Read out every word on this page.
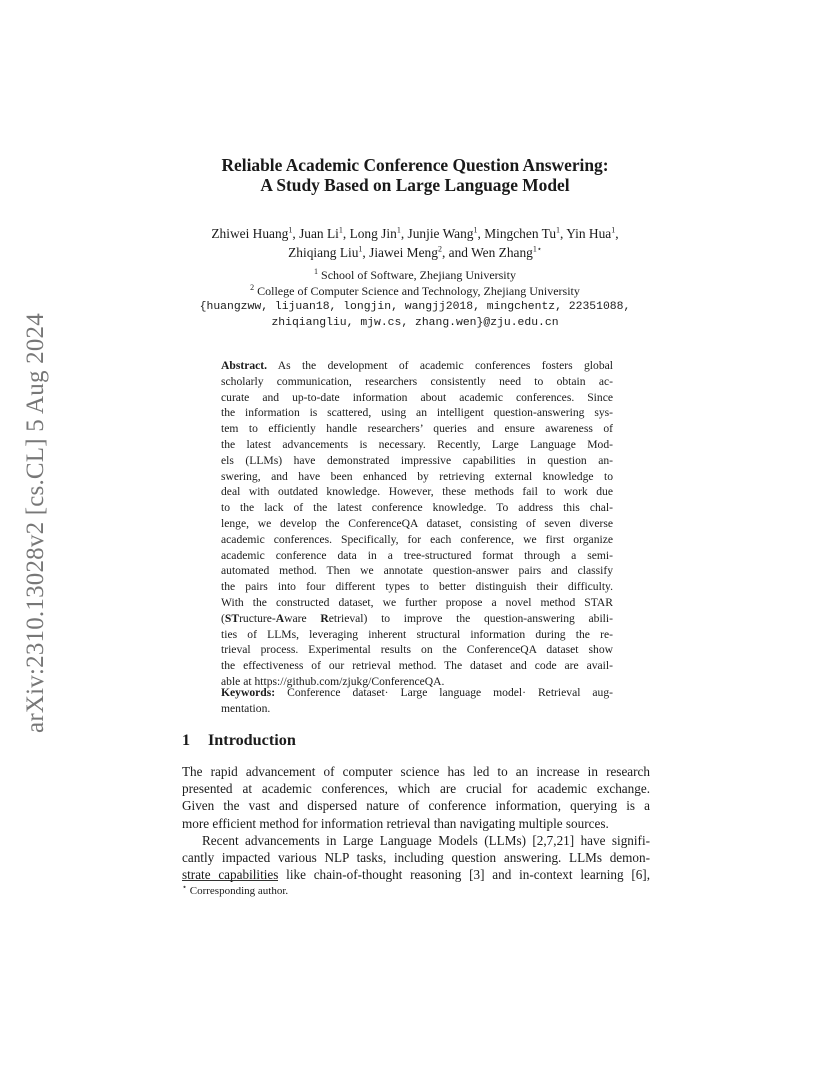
arXiv:2310.13028v2 [cs.CL] 5 Aug 2024
Reliable Academic Conference Question Answering:
A Study Based on Large Language Model
Zhiwei Huang$^1$, Juan Li$^1$, Long Jin$^1$, Junjie Wang$^1$, Mingchen Tu$^1$, Yin Hua$^1$,
Zhiqiang Liu$^1$, Jiawei Meng$^2$, and Wen Zhang$^{1⋆}$
$^1$ School of Software, Zhejiang University
$^2$ College of Computer Science and Technology, Zhejiang University
{huangzww, lijuan18, longjin, wangjj2018, mingchentz, 22351088,
zhiqiangliu, mjw.cs, zhang.wen}@zju.edu.cn
Abstract. As the development of academic conferences fosters global
scholarly communication, researchers consistently need to obtain ac-
curate and up-to-date information about academic conferences. Since
the information is scattered, using an intelligent question-answering sys-
tem to efficiently handle researchers’ queries and ensure awareness of
the latest advancements is necessary. Recently, Large Language Mod-
els (LLMs) have demonstrated impressive capabilities in question an-
swering, and have been enhanced by retrieving external knowledge to
deal with outdated knowledge. However, these methods fail to work due
to the lack of the latest conference knowledge. To address this chal-
lenge, we develop the ConferenceQA dataset, consisting of seven diverse
academic conferences. Specifically, for each conference, we first organize
academic conference data in a tree-structured format through a semi-
automated method. Then we annotate question-answer pairs and classify
the pairs into four different types to better distinguish their difficulty.
With the constructed dataset, we further propose a novel method STAR
(STructure-Aware Retrieval) to improve the question-answering abili-
ties of LLMs, leveraging inherent structural information during the re-
trieval process. Experimental results on the ConferenceQA dataset show
the effectiveness of our retrieval method. The dataset and code are avail-
able at https://github.com/zjukg/ConferenceQA.
Keywords: Conference dataset· Large language model· Retrieval aug-
mentation.
1 Introduction
The rapid advancement of computer science has led to an increase in research
presented at academic conferences, which are crucial for academic exchange.
Given the vast and dispersed nature of conference information, querying is a
more efficient method for information retrieval than navigating multiple sources.
Recent advancements in Large Language Models (LLMs) [2,7,21] have signifi-
cantly impacted various NLP tasks, including question answering. LLMs demon-
strate capabilities like chain-of-thought reasoning [3] and in-context learning [6],
⋆ Corresponding author.
